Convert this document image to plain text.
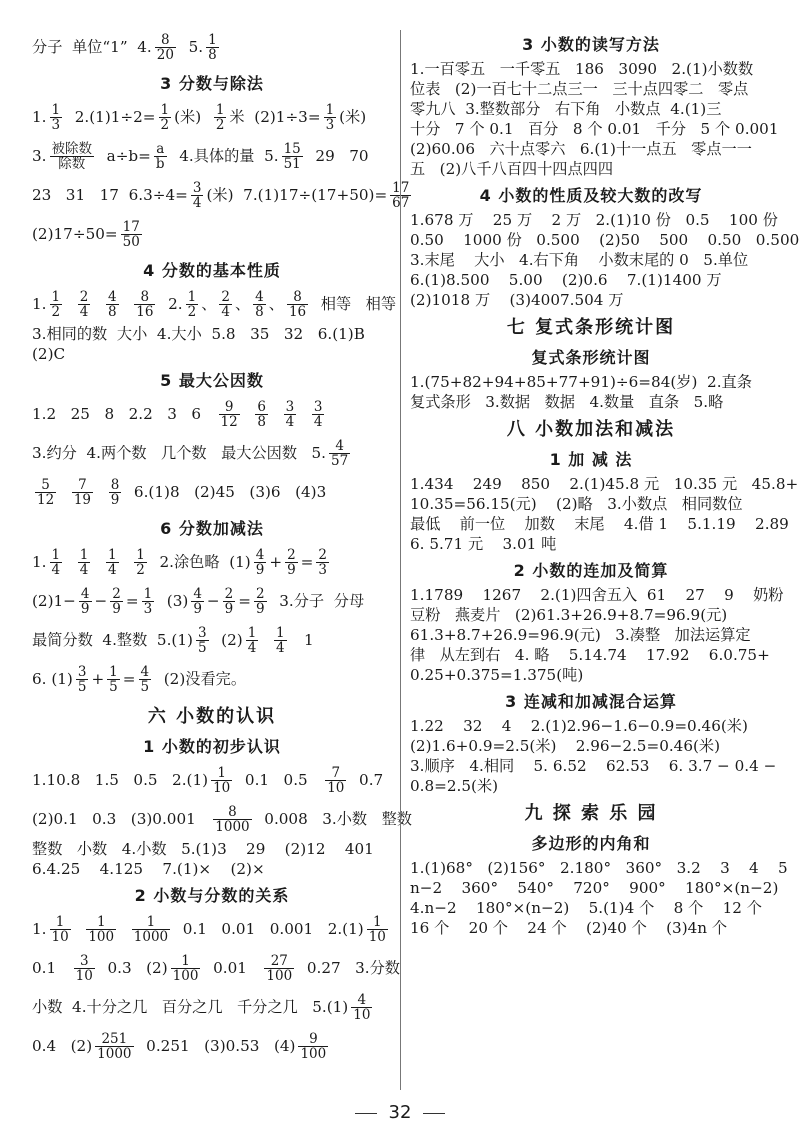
分子  单位“1”  4. $\frac{8}{20} 5$. $\frac{1}{8}$
3 分数与除法
1. $\frac{1}{3} 2.(1)1\div 2= \frac{1}{2}$ (米) $\frac{1}{2}$ 米  $(2)1\div 3= \frac{1}{3}$ (米)
3. $\frac{\text{被除数}}{\text{除数}} a\div b= \frac{a}{b} 4$.具体的量  5. $\frac{15}{51} 29$   70
23   31   17  $6.3\div 4= \frac{3}{4}$ (米)  $7.(1)17\div(17+50)= \frac{17}{67}$
$(2)17\div 50= \frac{17}{50}$
4 分数的基本性质
1. $\frac{1}{2}$
$\frac{2}{4}$
$\frac{4}{8}$
$\frac{8}{16} 2$. $\frac{1}{2}$ 、 $\frac{2}{4}$ 、 $\frac{4}{8}$ 、 $\frac{8}{16}$ 相等   相等
3.相同的数  大小  4.大小  5.8   35   32   6.(1)B
(2)C
5 最大公因数
1.2   25   8   2.2   3   $6 \frac{9}{12}$
$\frac{6}{8}$
$\frac{3}{4}$
$\frac{3}{4}$
3.约分  4.两个数   几个数   最大公因数   5. $\frac{4}{57}$
$\frac{5}{12}$
$\frac{7}{19}$
$\frac{8}{9} 6.(1)8$   (2)45   (3)6   (4)3
6 分数加减法
1. $\frac{1}{4}$
$\frac{1}{4}$
$\frac{1}{4}$
$\frac{1}{2} 2$.涂色略  $(1) \frac{4}{9} + \frac{2}{9} = \frac{2}{3}$
$(2)1- \frac{4}{9} - \frac{2}{9} = \frac{1}{3} (3) \frac{4}{9} - \frac{2}{9} = \frac{2}{9} 3$.分子  分母
最简分数  4.整数  $5.(1) \frac{3}{5} (2) \frac{1}{4}$
$\frac{1}{4} 1$
6. $(1) \frac{3}{5} + \frac{1}{5} = \frac{4}{5} (2)$没看完。
六 小数的认识
1 小数的初步认识
1.10.8   1.5   0.5   $2.(1) \frac{1}{10} 0.1$   $0.5 \frac{7}{10} 0.7$
(2)0.1   0.3   $(3)0.001 \frac{8}{1000} 0.008$   3.小数   整数
整数   小数   4.小数   5.(1)3    29    (2)12    401
6.4.25    4.125    7.(1)×    (2)×
2 小数与分数的关系
1. $\frac{1}{10}$
$\frac{1}{100}$
$\frac{1}{1000} 0.1$   0.01   0.001   $2.(1) \frac{1}{10}$
$0.1 \frac{3}{10} 0.3$   $(2) \frac{1}{100} 0.01 \frac{27}{100} 0.27$   3.分数
小数  4.十分之几   百分之几   千分之几   $5.(1) \frac{4}{10}$
0.4   $(2) \frac{251}{1000} 0.251$   (3)0.53   $(4) \frac{9}{100}$
3 小数的读写方法
1.一百零五   一千零五   186   3090   2.(1)小数数
位表   (2)一百七十二点三一   三十点四零二   零点
零九八  3.整数部分   右下角   小数点  4.(1)三
十分   7 个 0.1   百分   8 个 0.01   千分   5 个 0.001
(2)60.06   六十点零六   6.(1)十一点五   零点一一
五   (2)八千八百四十四点四四
4 小数的性质及较大数的改写
1.678 万    25 万    2 万   2.(1)10 份   0.5    100 份
0.50    1000 份   0.500    (2)50    500    0.50   0.500
3.末尾    大小   4.右下角    小数末尾的 0   5.单位
6.(1)8.500    5.00    (2)0.6    7.(1)1400 万
(2)1018 万    (3)4007.504 万
七 复式条形统计图
复式条形统计图
1.(75+82+94+85+77+91)÷6=84(岁)  2.直条
复式条形   3.数据   数据   4.数量   直条   5.略
八 小数加法和减法
1 加 减 法
1.434    249    850    2.(1)45.8 元   10.35 元   45.8+
10.35=56.15(元)    (2)略   3.小数点   相同数位
最低    前一位    加数    末尾    4.借 1    5.1.19    2.89
6. 5.71 元    3.01 吨
2 小数的连加及简算
1.1789    1267    2.(1)四舍五入  61    27    9    奶粉
豆粉   燕麦片   (2)61.3+26.9+8.7=96.9(元)
61.3+8.7+26.9=96.9(元)   3.凑整   加法运算定
律   从左到右   4. 略    5.14.74    17.92    6.0.75+
0.25+0.375=1.375(吨)
3 连减和加减混合运算
1.22    32    4    2.(1)2.96−1.6−0.9=0.46(米)
(2)1.6+0.9=2.5(米)    2.96−2.5=0.46(米)
3.顺序   4.相同    5. 6.52    62.53    6. 3.7 − 0.4 −
0.8=2.5(米)
九 探 索 乐 园
多边形的内角和
1.(1)68°   (2)156°   2.180°   360°   3.2    3    4    5
n−2    360°    540°    720°    900°    180°×(n−2)
4.n−2    180°×(n−2)    5.(1)4 个    8 个    12 个
16 个    20 个    24 个    (2)40 个    (3)4n 个
32
